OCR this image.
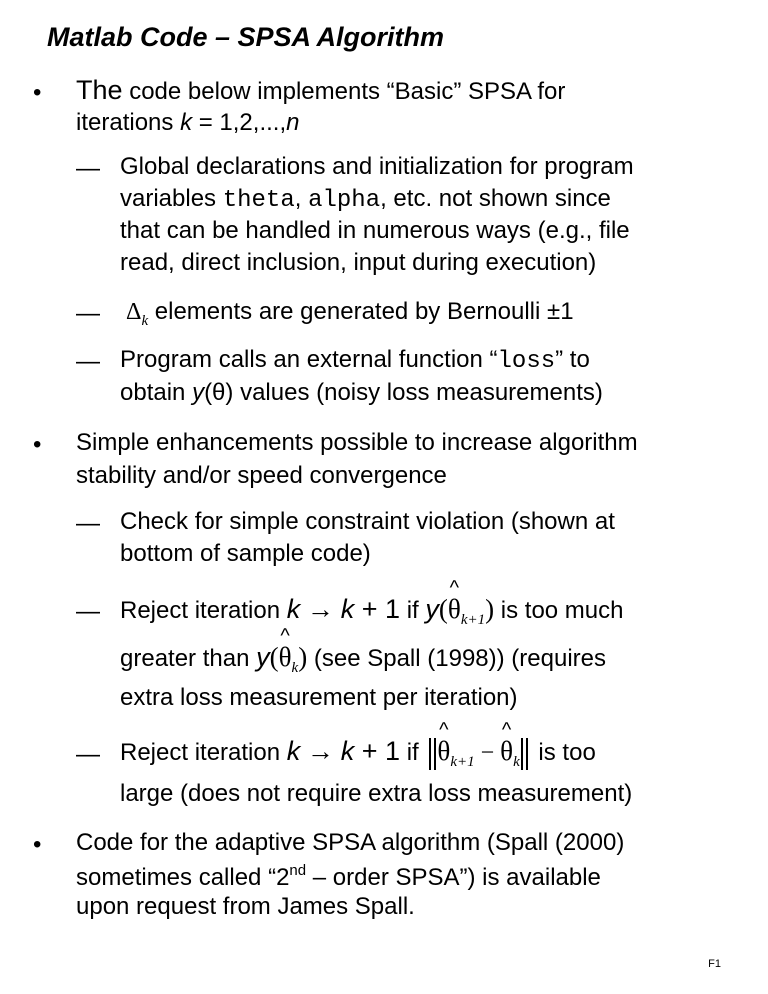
Matlab Code – SPSA Algorithm
• The code below implements “Basic” SPSA for
iterations k = 1,2,...,n
— Global declarations and initialization for program
variables theta, alpha, etc. not shown since
that can be handled in numerous ways (e.g., file
read, direct inclusion, input during execution)
— $\Delta_k$ elements are generated by Bernoulli ±1
— Program calls an external function “loss” to
obtain y(θ) values (noisy loss measurements)
• Simple enhancements possible to increase algorithm
stability and/or speed convergence
— Check for simple constraint violation (shown at
bottom of sample code)
— Reject iteration k → k + 1 if y(
^
$\theta_{k+1}$) is too much
greater than y(
^
$\theta_k$) (see Spall (1998)) (requires
extra loss measurement per iteration)
— Reject iteration k → k + 1 if
^
$\theta_{k+1}$ −
^
$\theta_k$ is too
large (does not require extra loss measurement)
• Code for the adaptive SPSA algorithm (Spall (2000)
sometimes called “2nd – order SPSA”) is available
upon request from James Spall.
F1
